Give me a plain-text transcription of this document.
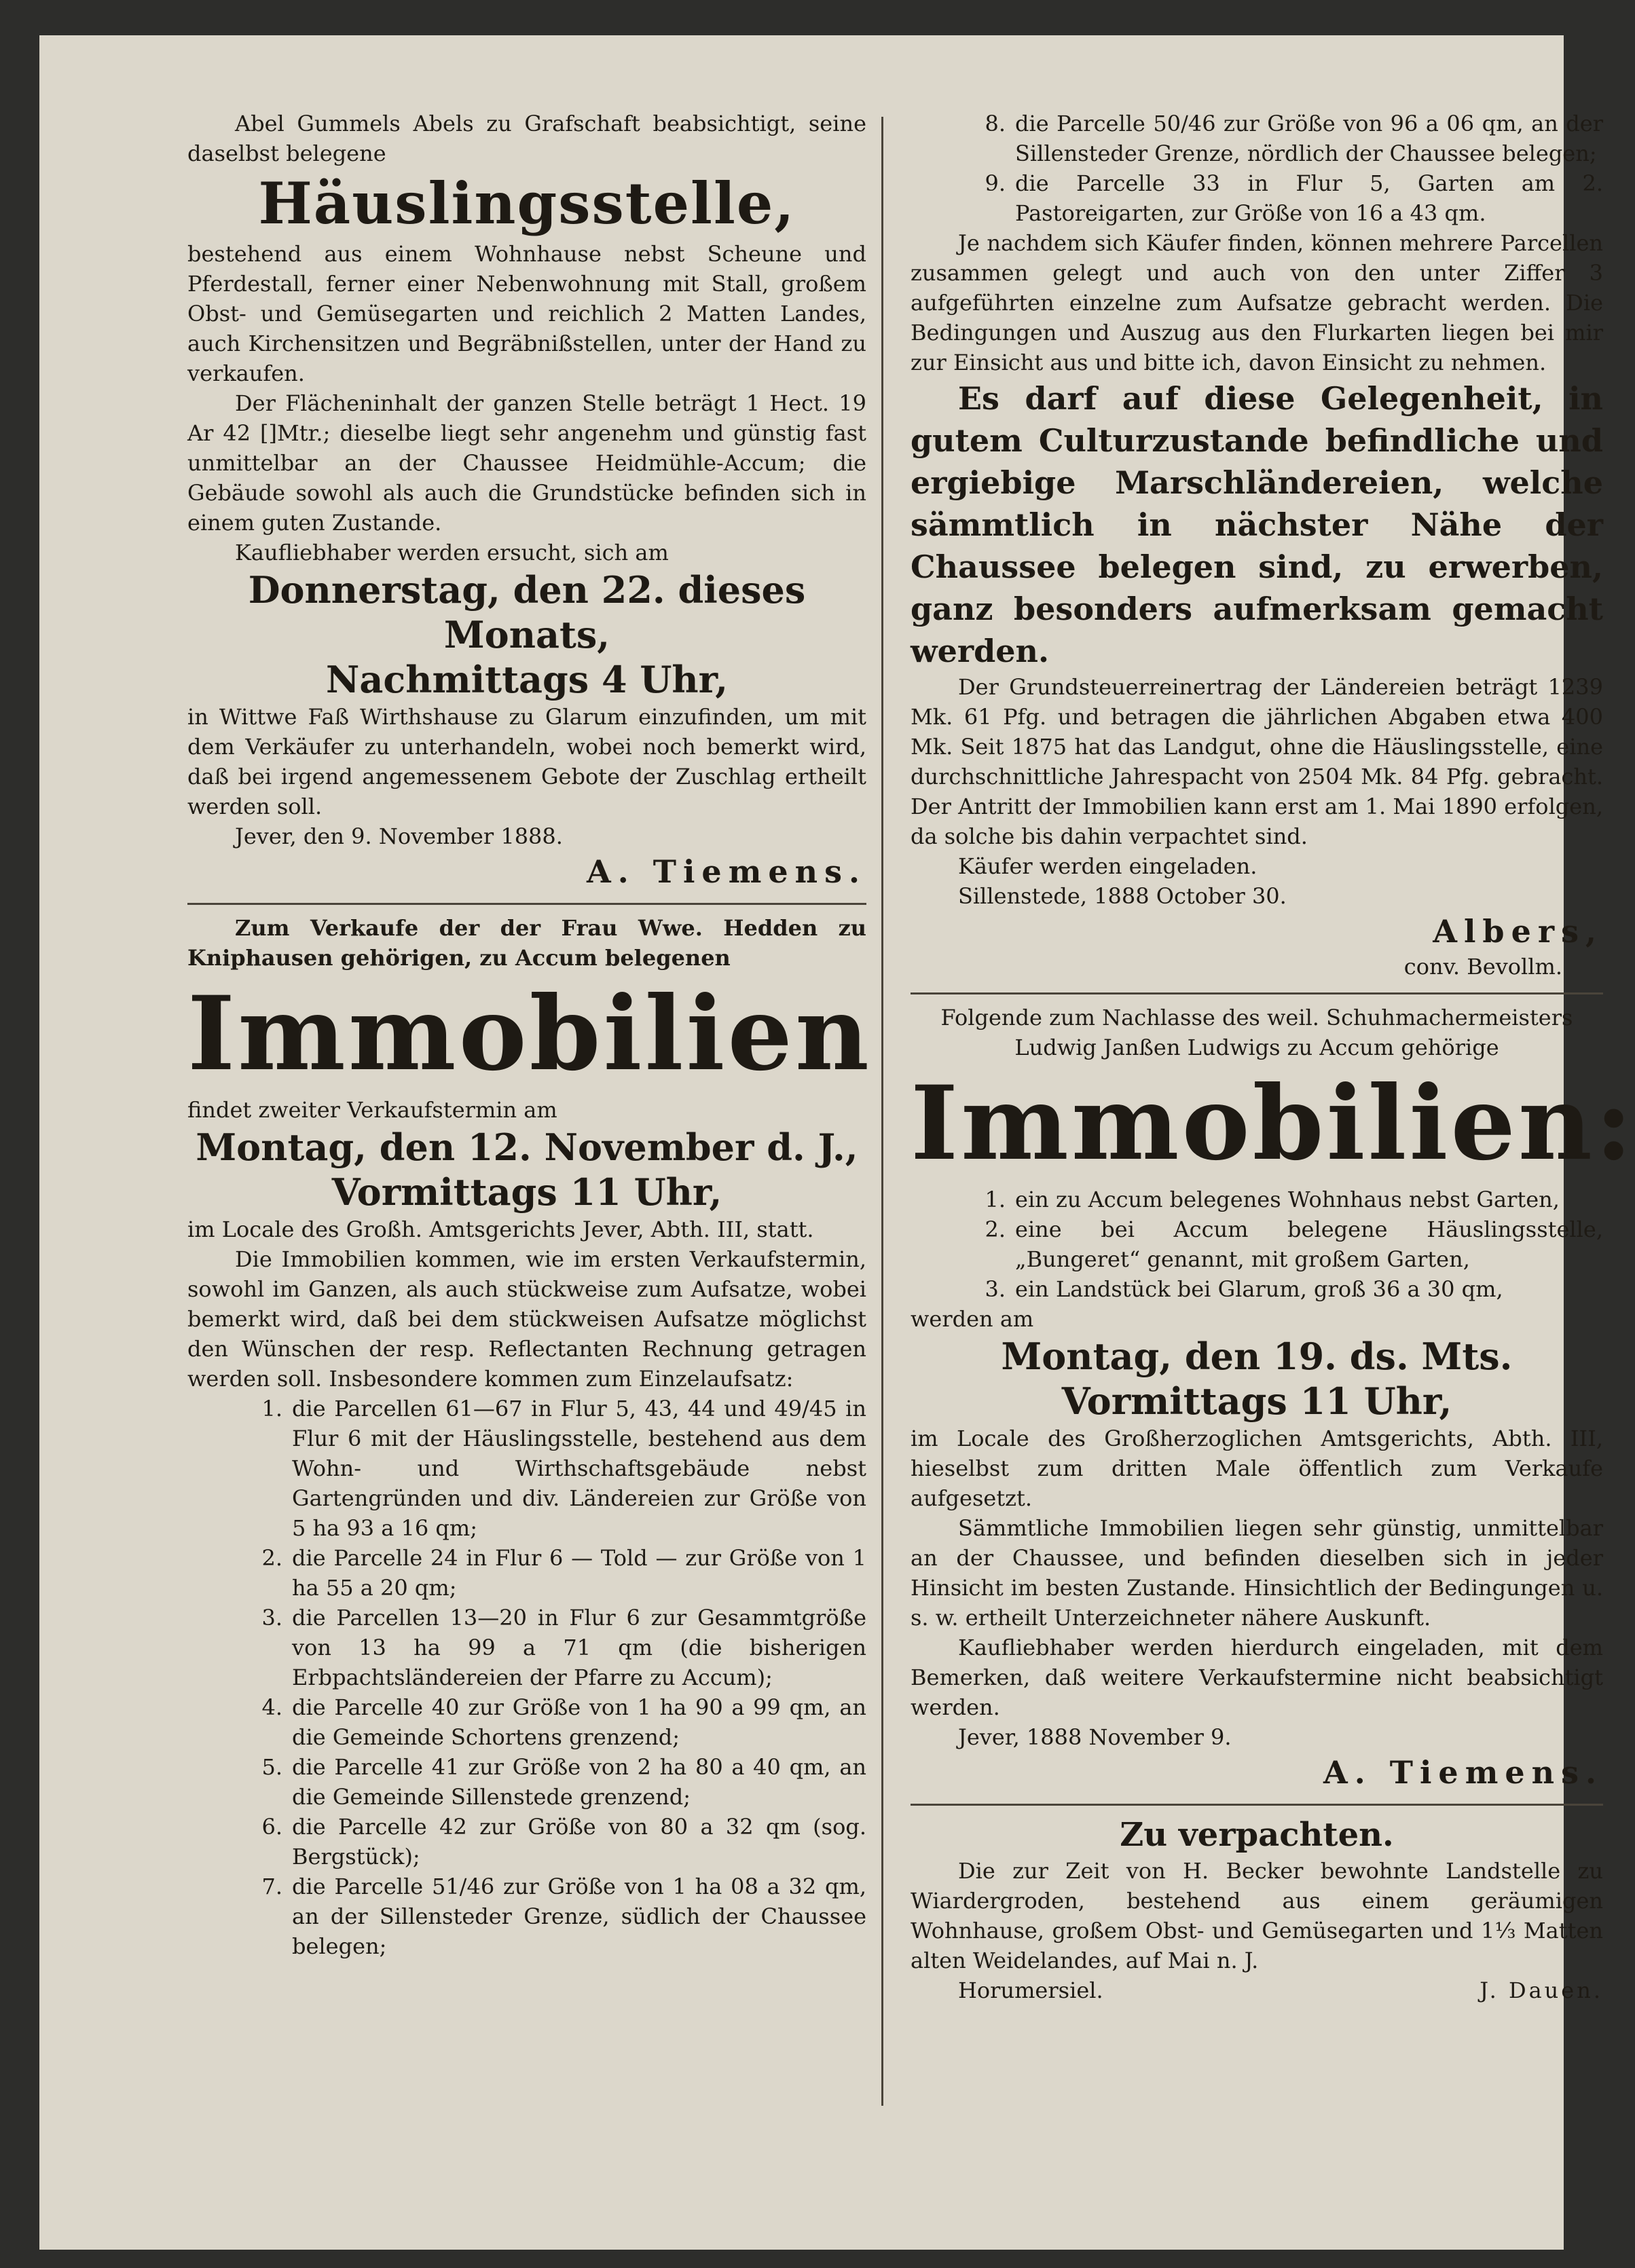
Abel Gummels Abels zu Grafschaft beabsichtigt, seine daselbst belegene

Häuslingsstelle,

bestehend aus einem Wohnhause nebst Scheune und Pferdestall, ferner einer Nebenwohnung mit Stall, großem Obst- und Gemüsegarten und reichlich 2 Matten Landes, auch Kirchensitzen und Begräbnißstellen, unter der Hand zu verkaufen.

Der Flächeninhalt der ganzen Stelle beträgt 1 Hect. 19 Ar 42 []Mtr.; dieselbe liegt sehr angenehm und günstig fast unmittelbar an der Chaussee Heidmühle-Accum; die Gebäude sowohl als auch die Grundstücke befinden sich in einem guten Zustande.

Kaufliebhaber werden ersucht, sich am

Donnerstag, den 22. dieses Monats,

Nachmittags 4 Uhr,

in Wittwe Faß Wirthshause zu Glarum einzufinden, um mit dem Verkäufer zu unterhandeln, wobei noch bemerkt wird, daß bei irgend angemessenem Gebote der Zuschlag ertheilt werden soll.

Jever, den 9. November 1888.

A. Tiemens.

Zum Verkaufe der der Frau Wwe. Hedden zu Kniphausen gehörigen, zu Accum belegenen

Immobilien

findet zweiter Verkaufstermin am

Montag, den 12. November d. J.,

Vormittags 11 Uhr,

im Locale des Großh. Amtsgerichts Jever, Abth. III, statt.

Die Immobilien kommen, wie im ersten Verkaufstermin, sowohl im Ganzen, als auch stückweise zum Aufsatze, wobei bemerkt wird, daß bei dem stückweisen Aufsatze möglichst den Wünschen der resp. Reflectanten Rechnung getragen werden soll. Insbesondere kommen zum Einzelaufsatz:

1. die Parcellen 61—67 in Flur 5, 43, 44 und 49/45 in Flur 6 mit der Häuslingsstelle, bestehend aus dem Wohn- und Wirthschaftsgebäude nebst Gartengründen und div. Ländereien zur Größe von 5 ha 93 a 16 qm;
2. die Parcelle 24 in Flur 6 — Told — zur Größe von 1 ha 55 a 20 qm;
3. die Parcellen 13—20 in Flur 6 zur Gesammtgröße von 13 ha 99 a 71 qm (die bisherigen Erbpachtsländereien der Pfarre zu Accum);
4. die Parcelle 40 zur Größe von 1 ha 90 a 99 qm, an die Gemeinde Schortens grenzend;
5. die Parcelle 41 zur Größe von 2 ha 80 a 40 qm, an die Gemeinde Sillenstede grenzend;
6. die Parcelle 42 zur Größe von 80 a 32 qm (sog. Bergstück);
7. die Parcelle 51/46 zur Größe von 1 ha 08 a 32 qm, an der Sillensteder Grenze, südlich der Chaussee belegen;
8. die Parcelle 50/46 zur Größe von 96 a 06 qm, an der Sillensteder Grenze, nördlich der Chaussee belegen;
9. die Parcelle 33 in Flur 5, Garten am 2. Pastoreigarten, zur Größe von 16 a 43 qm.

Je nachdem sich Käufer finden, können mehrere Parcellen zusammen gelegt und auch von den unter Ziffer 3 aufgeführten einzelne zum Aufsatze gebracht werden. Die Bedingungen und Auszug aus den Flurkarten liegen bei mir zur Einsicht aus und bitte ich, davon Einsicht zu nehmen.

Es darf auf diese Gelegenheit, in gutem Culturzustande befindliche und ergiebige Marschländereien, welche sämmtlich in nächster Nähe der Chaussee belegen sind, zu erwerben, ganz besonders aufmerksam gemacht werden.

Der Grundsteuerreinertrag der Ländereien beträgt 1239 Mk. 61 Pfg. und betragen die jährlichen Abgaben etwa 400 Mk. Seit 1875 hat das Landgut, ohne die Häuslingsstelle, eine durchschnittliche Jahrespacht von 2504 Mk. 84 Pfg. gebracht. Der Antritt der Immobilien kann erst am 1. Mai 1890 erfolgen, da solche bis dahin verpachtet sind.

Käufer werden eingeladen.

Sillenstede, 1888 October 30.

Albers,

conv. Bevollm.

Folgende zum Nachlasse des weil. Schuhmachermeisters Ludwig Janßen Ludwigs zu Accum gehörige

Immobilien:

1. ein zu Accum belegenes Wohnhaus nebst Garten,
2. eine bei Accum belegene Häuslingsstelle, „Bungeret“ genannt, mit großem Garten,
3. ein Landstück bei Glarum, groß 36 a 30 qm,

werden am

Montag, den 19. ds. Mts.

Vormittags 11 Uhr,

im Locale des Großherzoglichen Amtsgerichts, Abth. III, hieselbst zum dritten Male öffentlich zum Verkaufe aufgesetzt.

Sämmtliche Immobilien liegen sehr günstig, unmittelbar an der Chaussee, und befinden dieselben sich in jeder Hinsicht im besten Zustande. Hinsichtlich der Bedingungen u. s. w. ertheilt Unterzeichneter nähere Auskunft.

Kaufliebhaber werden hierdurch eingeladen, mit dem Bemerken, daß weitere Verkaufstermine nicht beabsichtigt werden.

Jever, 1888 November 9.

A. Tiemens.

Zu verpachten.

Die zur Zeit von H. Becker bewohnte Landstelle zu Wiardergroden, bestehend aus einem geräumigen Wohnhause, großem Obst- und Gemüsegarten und 1⅓ Matten alten Weidelandes, auf Mai n. J.

Horumersiel.	J. Dauen.
